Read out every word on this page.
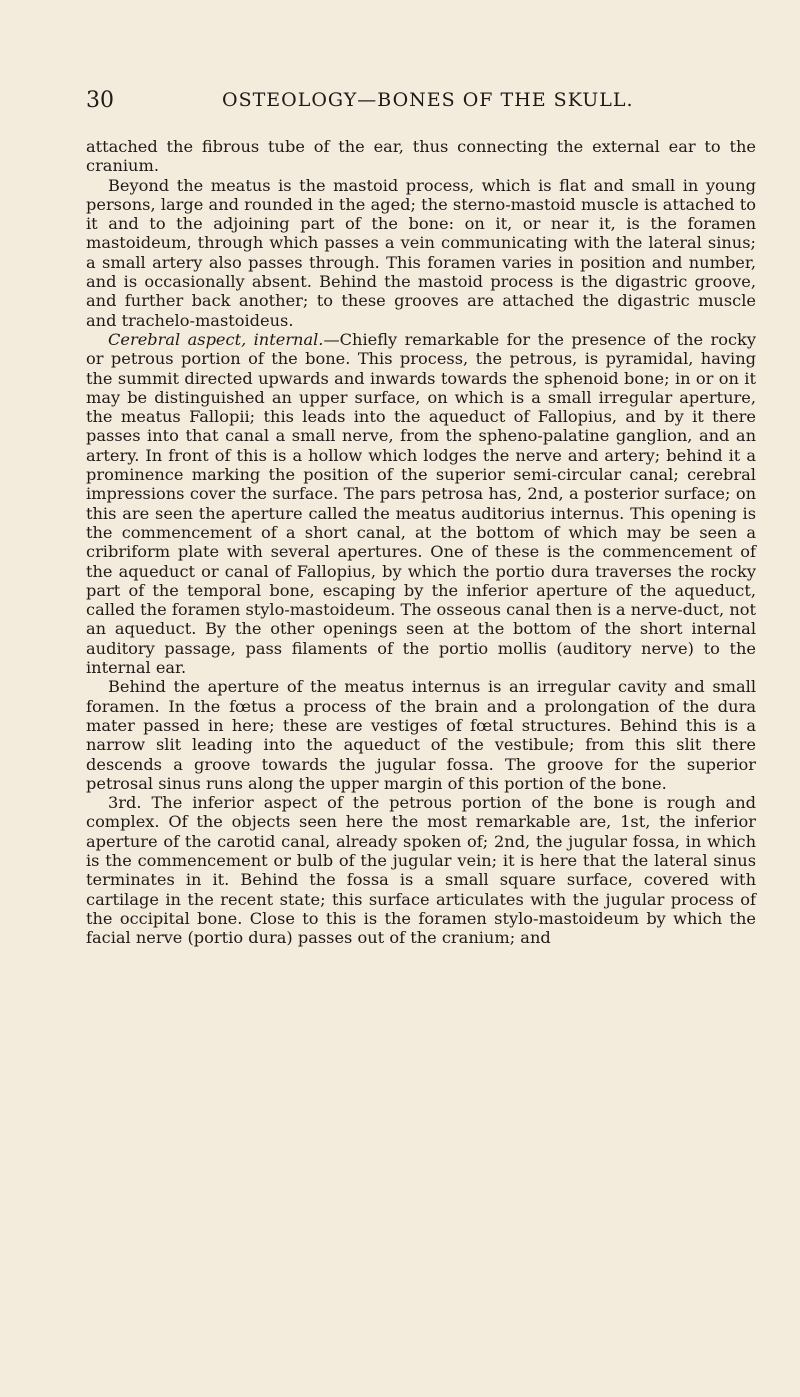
30	OSTEOLOGY—BONES OF THE SKULL.

attached the fibrous tube of the ear, thus connecting the external ear to the cranium.

Beyond the meatus is the mastoid process, which is flat and small in young persons, large and rounded in the aged; the sterno-mastoid muscle is attached to it and to the adjoining part of the bone: on it, or near it, is the foramen mastoideum, through which passes a vein communicating with the lateral sinus; a small artery also passes through. This foramen varies in position and number, and is occasionally absent. Behind the mastoid process is the digastric groove, and further back another; to these grooves are attached the digastric muscle and trachelo-mastoideus.

Cerebral aspect, internal.—Chiefly remarkable for the presence of the rocky or petrous portion of the bone. This process, the petrous, is pyramidal, having the summit directed upwards and inwards towards the sphenoid bone; in or on it may be distinguished an upper surface, on which is a small irregular aperture, the meatus Fallopii; this leads into the aqueduct of Fallopius, and by it there passes into that canal a small nerve, from the spheno-palatine ganglion, and an artery. In front of this is a hollow which lodges the nerve and artery; behind it a prominence marking the position of the superior semi-circular canal; cerebral impressions cover the surface. The pars petrosa has, 2nd, a posterior surface; on this are seen the aperture called the meatus auditorius internus. This opening is the commencement of a short canal, at the bottom of which may be seen a cribriform plate with several apertures. One of these is the commencement of the aqueduct or canal of Fallopius, by which the portio dura traverses the rocky part of the temporal bone, escaping by the inferior aperture of the aqueduct, called the foramen stylo-mastoideum. The osseous canal then is a nerve-duct, not an aqueduct. By the other openings seen at the bottom of the short internal auditory passage, pass filaments of the portio mollis (auditory nerve) to the internal ear.

Behind the aperture of the meatus internus is an irregular cavity and small foramen. In the fœtus a process of the brain and a prolongation of the dura mater passed in here; these are vestiges of fœtal structures. Behind this is a narrow slit leading into the aqueduct of the vestibule; from this slit there descends a groove towards the jugular fossa. The groove for the superior petrosal sinus runs along the upper margin of this portion of the bone.

3rd. The inferior aspect of the petrous portion of the bone is rough and complex. Of the objects seen here the most remarkable are, 1st, the inferior aperture of the carotid canal, already spoken of; 2nd, the jugular fossa, in which is the commencement or bulb of the jugular vein; it is here that the lateral sinus terminates in it. Behind the fossa is a small square surface, covered with cartilage in the recent state; this surface articulates with the jugular process of the occipital bone. Close to this is the foramen stylo-mastoideum by which the facial nerve (portio dura) passes out of the cranium; and
